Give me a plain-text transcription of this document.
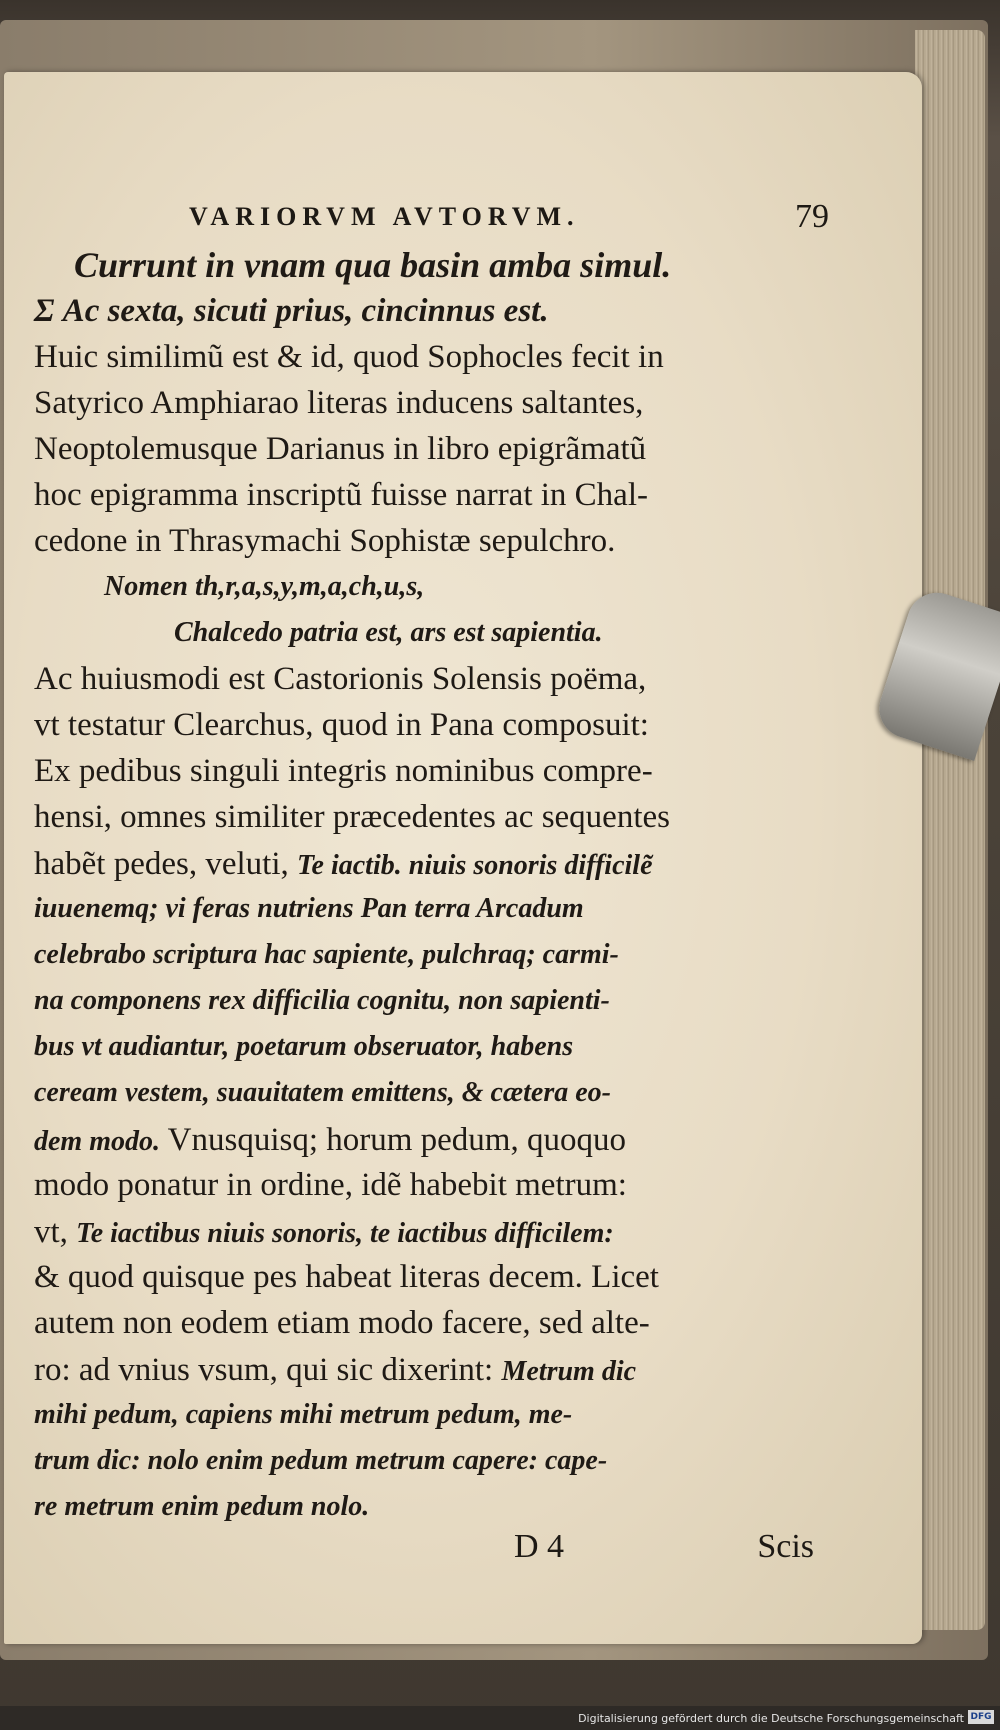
VARIORVM AVTORVM.	79
Currunt in vnam qua basin amba simul.
Σ Ac sexta, sicuti prius, cincinnus est.
Huic similimũ est & id, quod Sophocles fecit in
Satyrico Amphiarao literas inducens saltantes,
Neoptolemusque Darianus in libro epigrãmatũ
hoc epigramma inscriptũ fuisse narrat in Chal-
cedone in Thrasymachi Sophistæ sepulchro.
Nomen th,r,a,s,y,m,a,ch,u,s,
Chalcedo patria est, ars est sapientia.
Ac huiusmodi est Castorionis Solensis poëma,
vt testatur Clearchus, quod in Pana composuit:
Ex pedibus singuli integris nominibus compre-
hensi, omnes similiter præcedentes ac sequentes
habẽt pedes, veluti, Te iactib. niuis sonoris difficilẽ
iuuenemq; vi feras nutriens Pan terra Arcadum
celebrabo scriptura hac sapiente, pulchraq; carmi-
na componens rex difficilia cognitu, non sapienti-
bus vt audiantur, poetarum obseruator, habens
ceream vestem, suauitatem emittens, & cætera eo-
dem modo. Vnusquisq; horum pedum, quoquo
modo ponatur in ordine, idẽ habebit metrum:
vt, Te iactibus niuis sonoris, te iactibus difficilem:
& quod quisque pes habeat literas decem. Licet
autem non eodem etiam modo facere, sed alte-
ro: ad vnius vsum, qui sic dixerint: Metrum dic
mihi pedum, capiens mihi metrum pedum, me-
trum dic: nolo enim pedum metrum capere: cape-
re metrum enim pedum nolo.
D 4	Scis
Digitalisierung gefördert durch die Deutsche Forschungsgemeinschaft DFG
